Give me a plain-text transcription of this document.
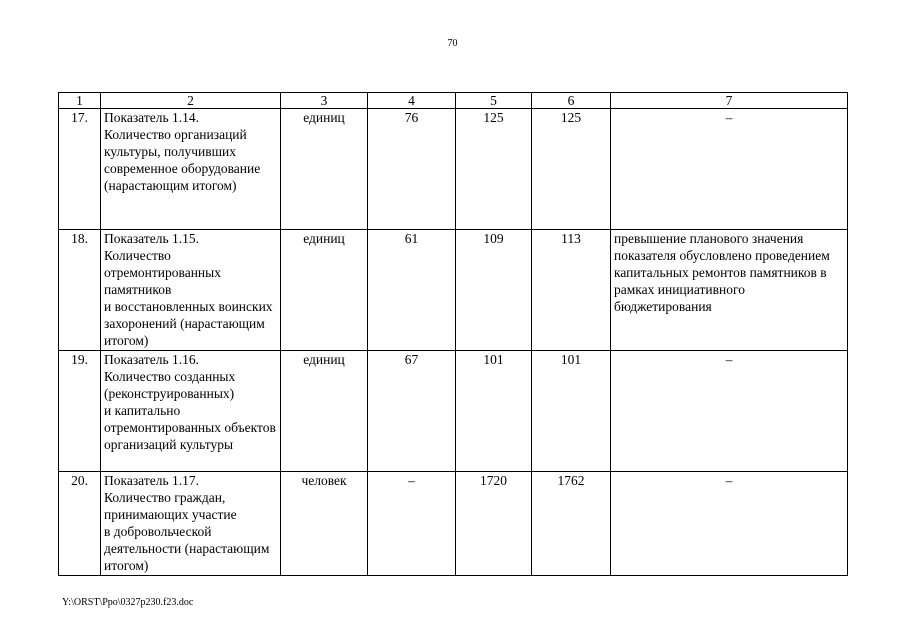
70
1	2	3	4	5	6	7
17.	Показатель 1.14.
Количество организаций культуры, получивших современное оборудование (нарастающим итогом)	единиц	76	125	125	–
18.	Показатель 1.15.
Количество отремонтированных памятников
и восстановленных воинских захоронений (нарастающим итогом)	единиц	61	109	113	превышение планового значения показателя обусловлено проведением капитальных ремонтов памятников в рамках инициативного бюджетирования
19.	Показатель 1.16.
Количество созданных (реконструированных)
и капитально отремонтированных объектов организаций культуры	единиц	67	101	101	–
20.	Показатель 1.17.
Количество граждан, принимающих участие
в добровольческой деятельности (нарастающим итогом)	человек	–	1720	1762	–
Y:\ORST\Ppo\0327p230.f23.doc
